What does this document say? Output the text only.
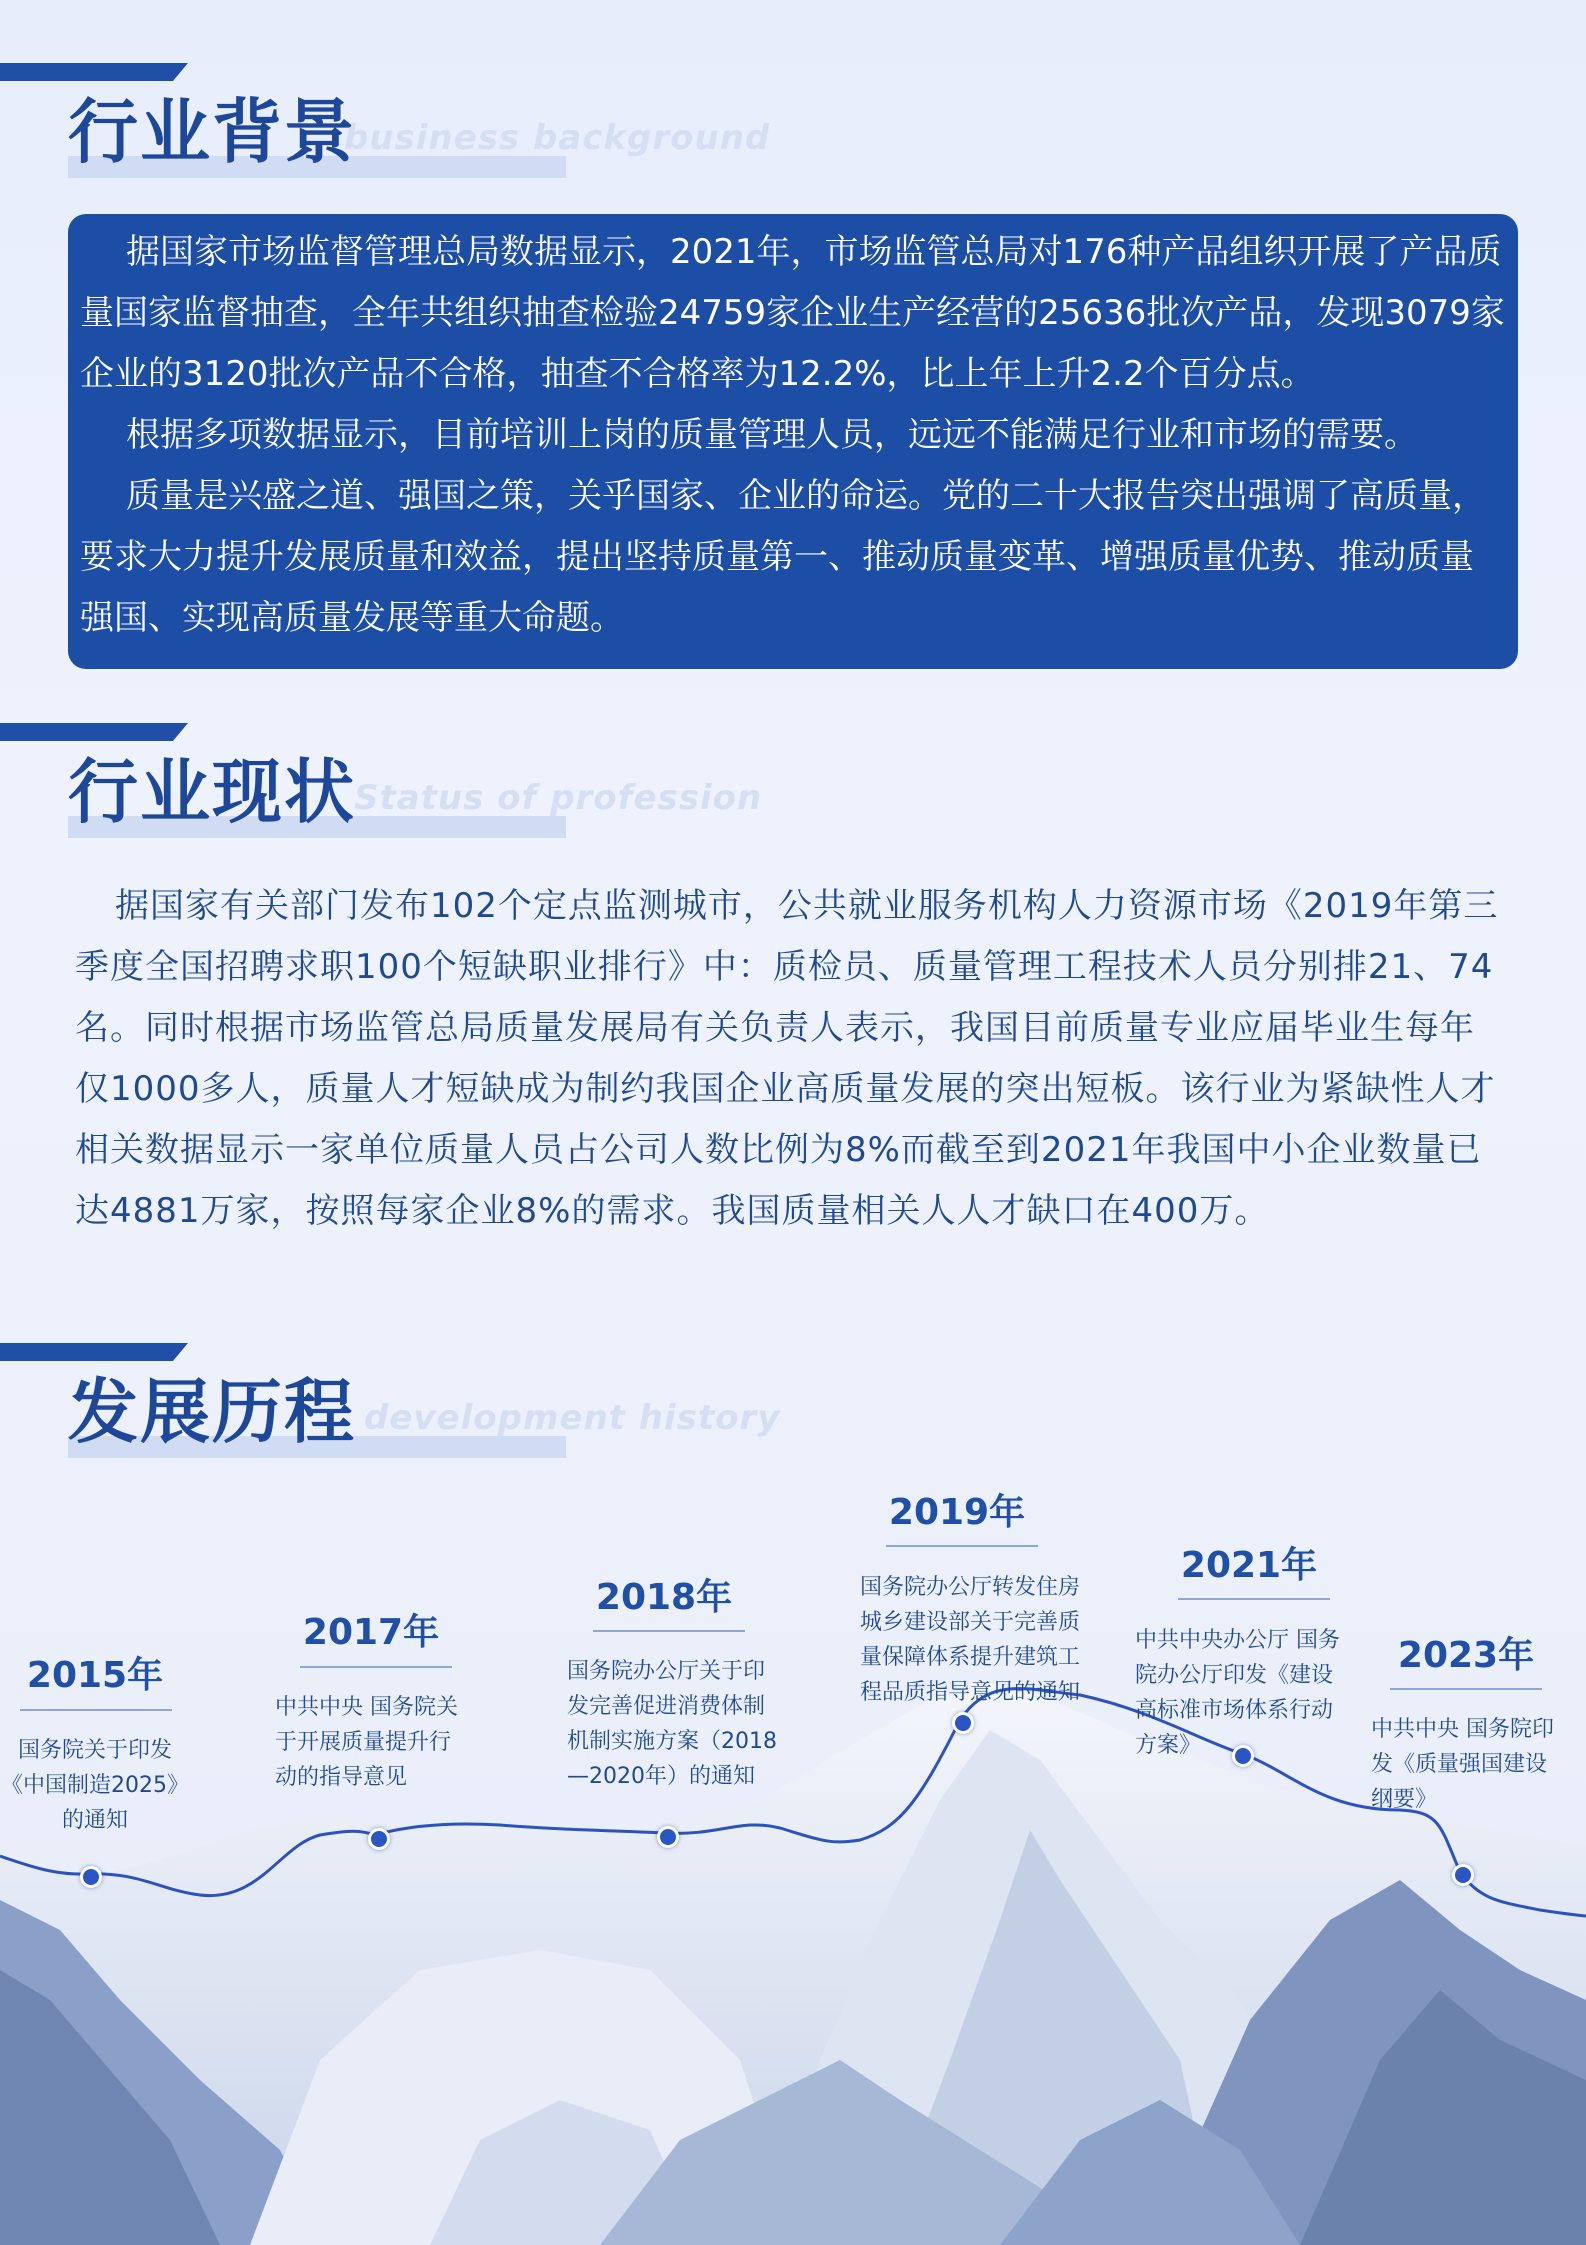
business background
行业背景

据国家市场监督管理总局数据显示，2021年，市场监管总局对176种产品组织开展了产品质量国家监督抽查，全年共组织抽查检验24759家企业生产经营的25636批次产品，发现3079家企业的3120批次产品不合格，抽查不合格率为12.2%，比上年上升2.2个百分点。

根据多项数据显示，目前培训上岗的质量管理人员，远远不能满足行业和市场的需要。

质量是兴盛之道、强国之策，关乎国家、企业的命运。党的二十大报告突出强调了高质量，要求大力提升发展质量和效益，提出坚持质量第一、推动质量变革、增强质量优势、推动质量强国、实现高质量发展等重大命题。

Status of profession
行业现状

据国家有关部门发布102个定点监测城市，公共就业服务机构人力资源市场《2019年第三季度全国招聘求职100个短缺职业排行》中：质检员、质量管理工程技术人员分别排21、74名。同时根据市场监管总局质量发展局有关负责人表示，我国目前质量专业应届毕业生每年仅1000多人，质量人才短缺成为制约我国企业高质量发展的突出短板。该行业为紧缺性人才相关数据显示一家单位质量人员占公司人数比例为8%而截至到2021年我国中小企业数量已达4881万家，按照每家企业8%的需求。我国质量相关人人才缺口在400万。

development history
发展历程
2015年
国务院关于印发
《中国制造2025》
的通知
2017年
中共中央 国务院关
于开展质量提升行
动的指导意见
2018年
国务院办公厅关于印
发完善促进消费体制
机制实施方案（2018
—2020年）的通知
2019年
国务院办公厅转发住房
城乡建设部关于完善质
量保障体系提升建筑工
程品质指导意见的通知
2021年
中共中央办公厅 国务
院办公厅印发《建设
高标准市场体系行动
方案》
2023年
中共中央 国务院印
发《质量强国建设
纲要》
